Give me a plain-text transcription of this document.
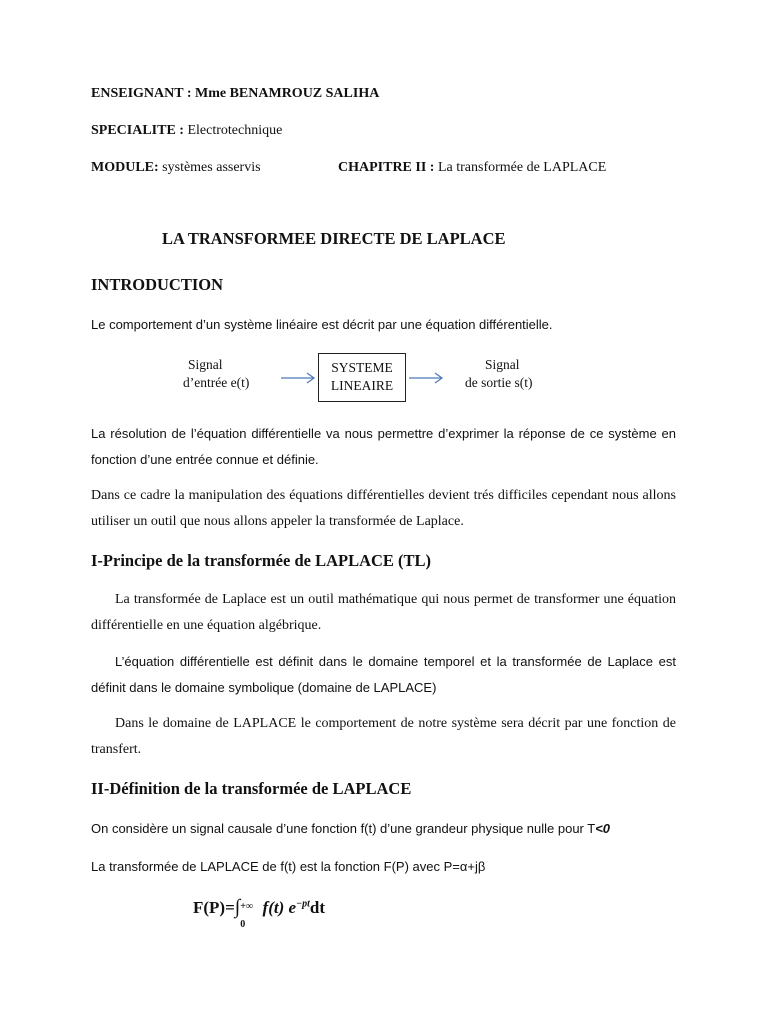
ENSEIGNANT : Mme BENAMROUZ SALIHA
SPECIALITE : Electrotechnique
MODULE: systèmes asservis	CHAPITRE II : La transformée de LAPLACE
LA TRANSFORMEE DIRECTE DE LAPLACE
INTRODUCTION
Le comportement d’un système linéaire est décrit par une équation différentielle.
Signal
d’entrée e(t)
SYSTEME
LINEAIRE
Signal
de sortie s(t)
La résolution de l’équation différentielle va nous permettre d’exprimer la réponse de ce système en fonction d’une entrée connue et définie.
Dans ce cadre la manipulation des équations différentielles devient trés difficiles cependant nous allons utiliser un outil que nous allons appeler la transformée de Laplace.
I-Principe de la transformée de LAPLACE (TL)
La transformée de Laplace est un outil mathématique qui nous permet de transformer une équation différentielle en une équation algébrique.
L’équation différentielle est définit dans le domaine temporel et la transformée de Laplace est définit dans le domaine symbolique (domaine de LAPLACE)
Dans le domaine de LAPLACE le comportement de notre système sera décrit par une fonction de transfert.
II-Définition de la transformée de LAPLACE
On considère un signal causale d’une fonction f(t) d’une grandeur physique nulle pour T<0
La transformée de LAPLACE de f(t) est la fonction F(P) avec P=α+jβ
F(P)=∫ +∞
0
f(t) $e^{-pt}dt$
